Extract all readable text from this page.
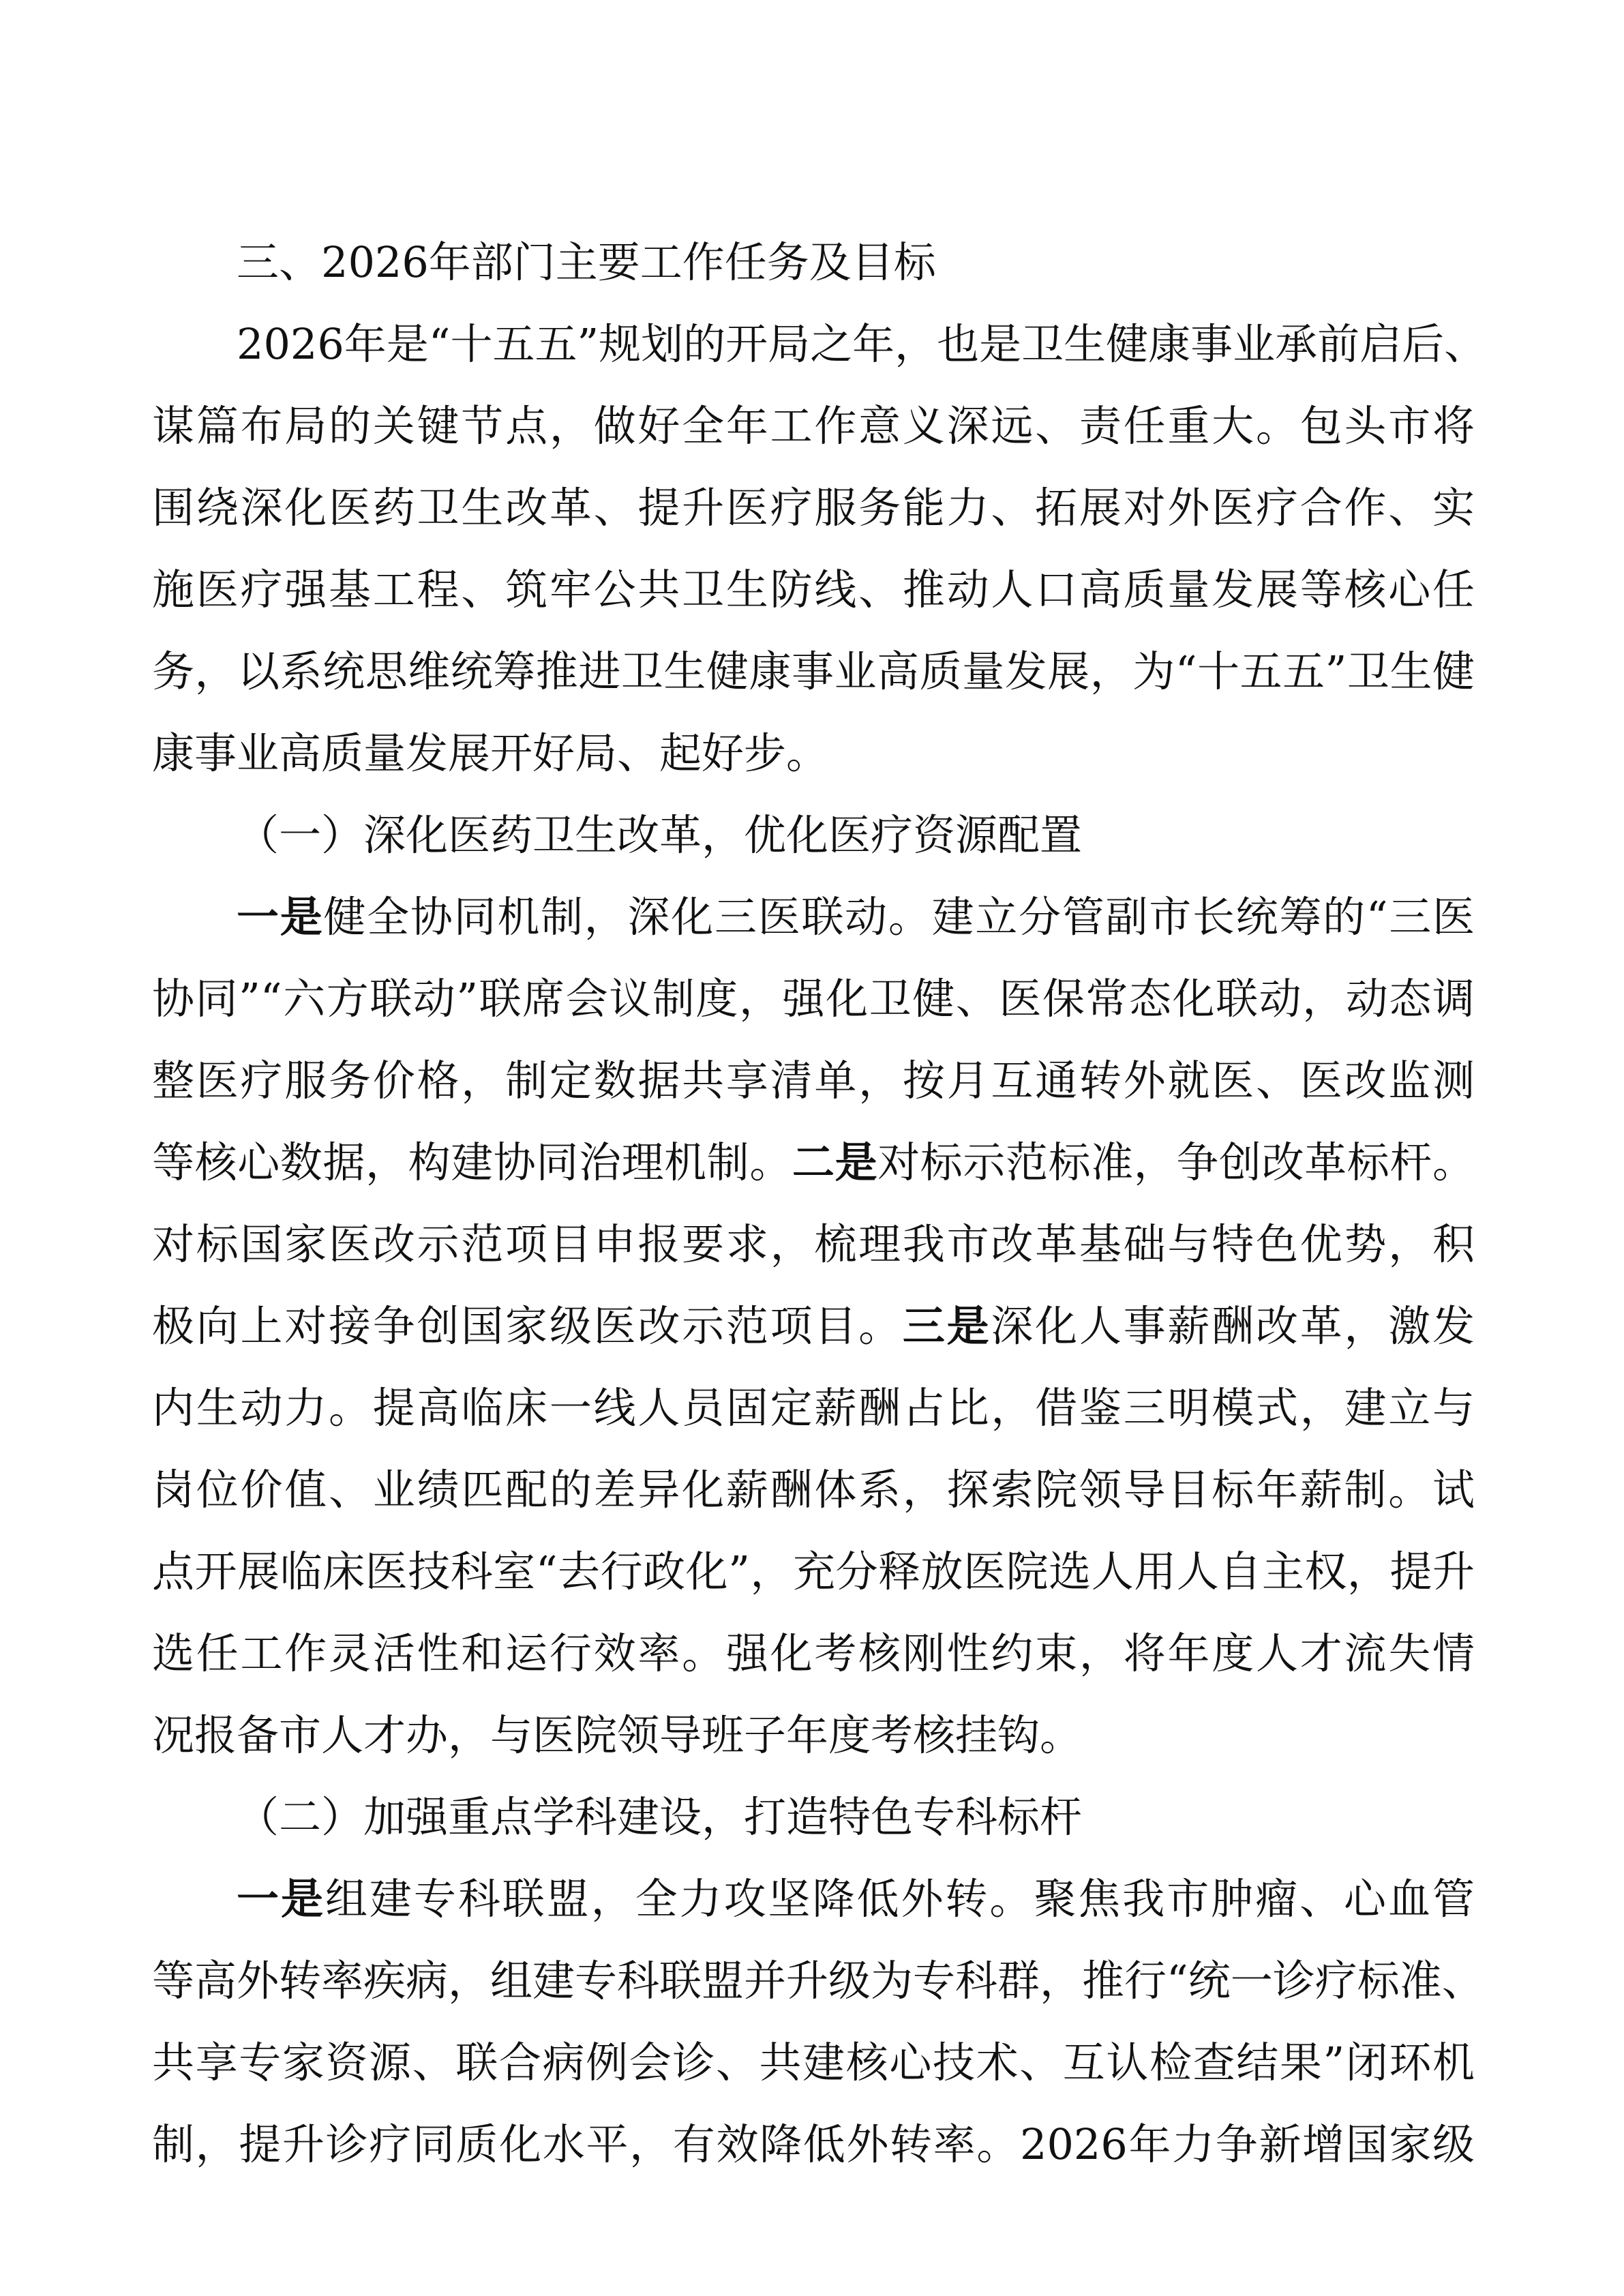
三、2026年部门主要工作任务及目标
2026年是“十五五”规划的开局之年，也是卫生健康事业承前启后、
谋篇布局的关键节点，做好全年工作意义深远、责任重大。包头市将
围绕深化医药卫生改革、提升医疗服务能力、拓展对外医疗合作、实
施医疗强基工程、筑牢公共卫生防线、推动人口高质量发展等核心任
务，以系统思维统筹推进卫生健康事业高质量发展，为“十五五”卫生健
康事业高质量发展开好局、起好步。
（一）深化医药卫生改革，优化医疗资源配置
一是健全协同机制，深化三医联动。建立分管副市长统筹的“三医
协同”“六方联动”联席会议制度，强化卫健、医保常态化联动，动态调
整医疗服务价格，制定数据共享清单，按月互通转外就医、医改监测
等核心数据，构建协同治理机制。二是对标示范标准，争创改革标杆。
对标国家医改示范项目申报要求，梳理我市改革基础与特色优势，积
极向上对接争创国家级医改示范项目。三是深化人事薪酬改革，激发
内生动力。提高临床一线人员固定薪酬占比，借鉴三明模式，建立与
岗位价值、业绩匹配的差异化薪酬体系，探索院领导目标年薪制。试
点开展临床医技科室“去行政化”，充分释放医院选人用人自主权，提升
选任工作灵活性和运行效率。强化考核刚性约束，将年度人才流失情
况报备市人才办，与医院领导班子年度考核挂钩。
（二）加强重点学科建设，打造特色专科标杆
一是组建专科联盟，全力攻坚降低外转。聚焦我市肿瘤、心血管
等高外转率疾病，组建专科联盟并升级为专科群，推行“统一诊疗标准、
共享专家资源、联合病例会诊、共建核心技术、互认检查结果”闭环机
制，提升诊疗同质化水平，有效降低外转率。2026年力争新增国家级
